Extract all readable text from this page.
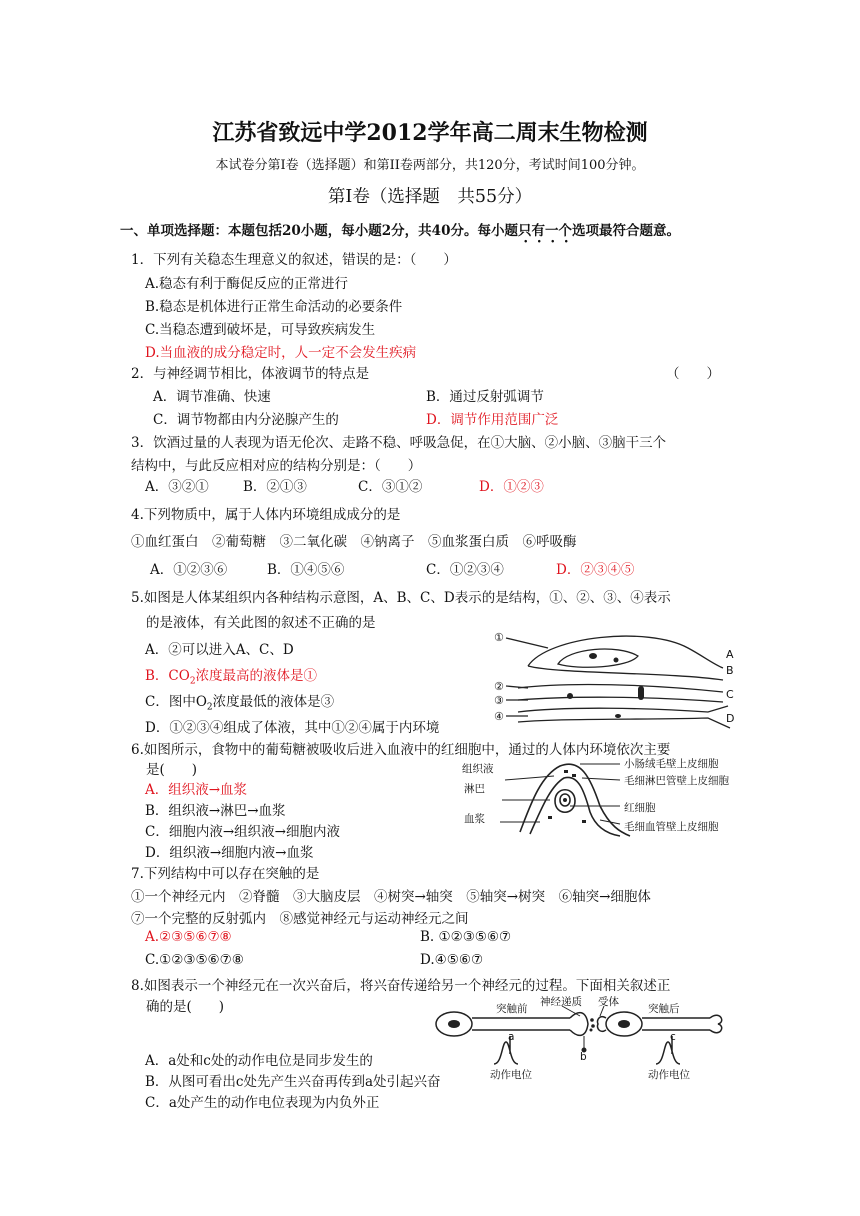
江苏省致远中学2012学年高二周末生物检测
本试卷分第Ⅰ卷（选择题）和第II卷两部分，共120分，考试时间100分钟。
第Ⅰ卷（选择题　共55分）
一、单项选择题：本题包括20小题，每小题2分，共40分。每小题只有一个选项最符合题意。
1．下列有关稳态生理意义的叙述，错误的是：（　　）
A.稳态有利于酶促反应的正常进行
B.稳态是机体进行正常生命活动的必要条件
C.当稳态遭到破坏是，可导致疾病发生
D.当血液的成分稳定时，人一定不会发生疾病
2．与神经调节相比，体液调节的特点是	（　　）
A．调节准确、快速	B．通过反射弧调节
C．调节物都由内分泌腺产生的	D．调节作用范围广泛
3．饮酒过量的人表现为语无伦次、走路不稳、呼吸急促，在①大脑、②小脑、③脑干三个
结构中，与此反应相对应的结构分别是：（　　）
A．③②①	B．②①③	C．③①②	D．①②③
4.下列物质中，属于人体内环境组成成分的是
①血红蛋白　②葡萄糖　③二氧化碳　④钠离子　⑤血浆蛋白质　⑥呼吸酶
A．①②③⑥	B．①④⑤⑥	C．①②③④	D．②③④⑤
5.如图是人体某组织内各种结构示意图，A、B、C、D表示的是结构，①、②、③、④表示
的是液体，有关此图的叙述不正确的是
A．②可以进入A、C、D
B．$CO_2$浓度最高的液体是①
C．图中$O_2$浓度最低的液体是③
D．①②③④组成了体液，其中①②④属于内环境
①
②
③
④
A
B
C
D
6.如图所示，食物中的葡萄糖被吸收后进入血液中的红细胞中，通过的人体内环境依次主要
是(　　)
A．组织液→血浆
B．组织液→淋巴→血浆
C．细胞内液→组织液→细胞内液
D．组织液→细胞内液→血浆
组织液
淋巴
血浆
小肠绒毛壁上皮细胞
毛细淋巴管壁上皮细胞
红细胞
毛细血管壁上皮细胞
7.下列结构中可以存在突触的是
①一个神经元内　②脊髓　③大脑皮层　④树突→轴突　⑤轴突→树突　⑥轴突→细胞体
⑦一个完整的反射弧内　⑧感觉神经元与运动神经元之间
A.②③⑤⑥⑦⑧	B. ①②③⑤⑥⑦
C.①②③⑤⑥⑦⑧	D.④⑤⑥⑦
8.如图表示一个神经元在一次兴奋后，将兴奋传递给另一个神经元的过程。下面相关叙述正
确的是(　　)
A．a处和c处的动作电位是同步发生的
B．从图可看出c处先产生兴奋再传到a处引起兴奋
C．a处产生的动作电位表现为内负外正
神经递质 受体
突触前	突触后
a
b
c
动作电位	动作电位
